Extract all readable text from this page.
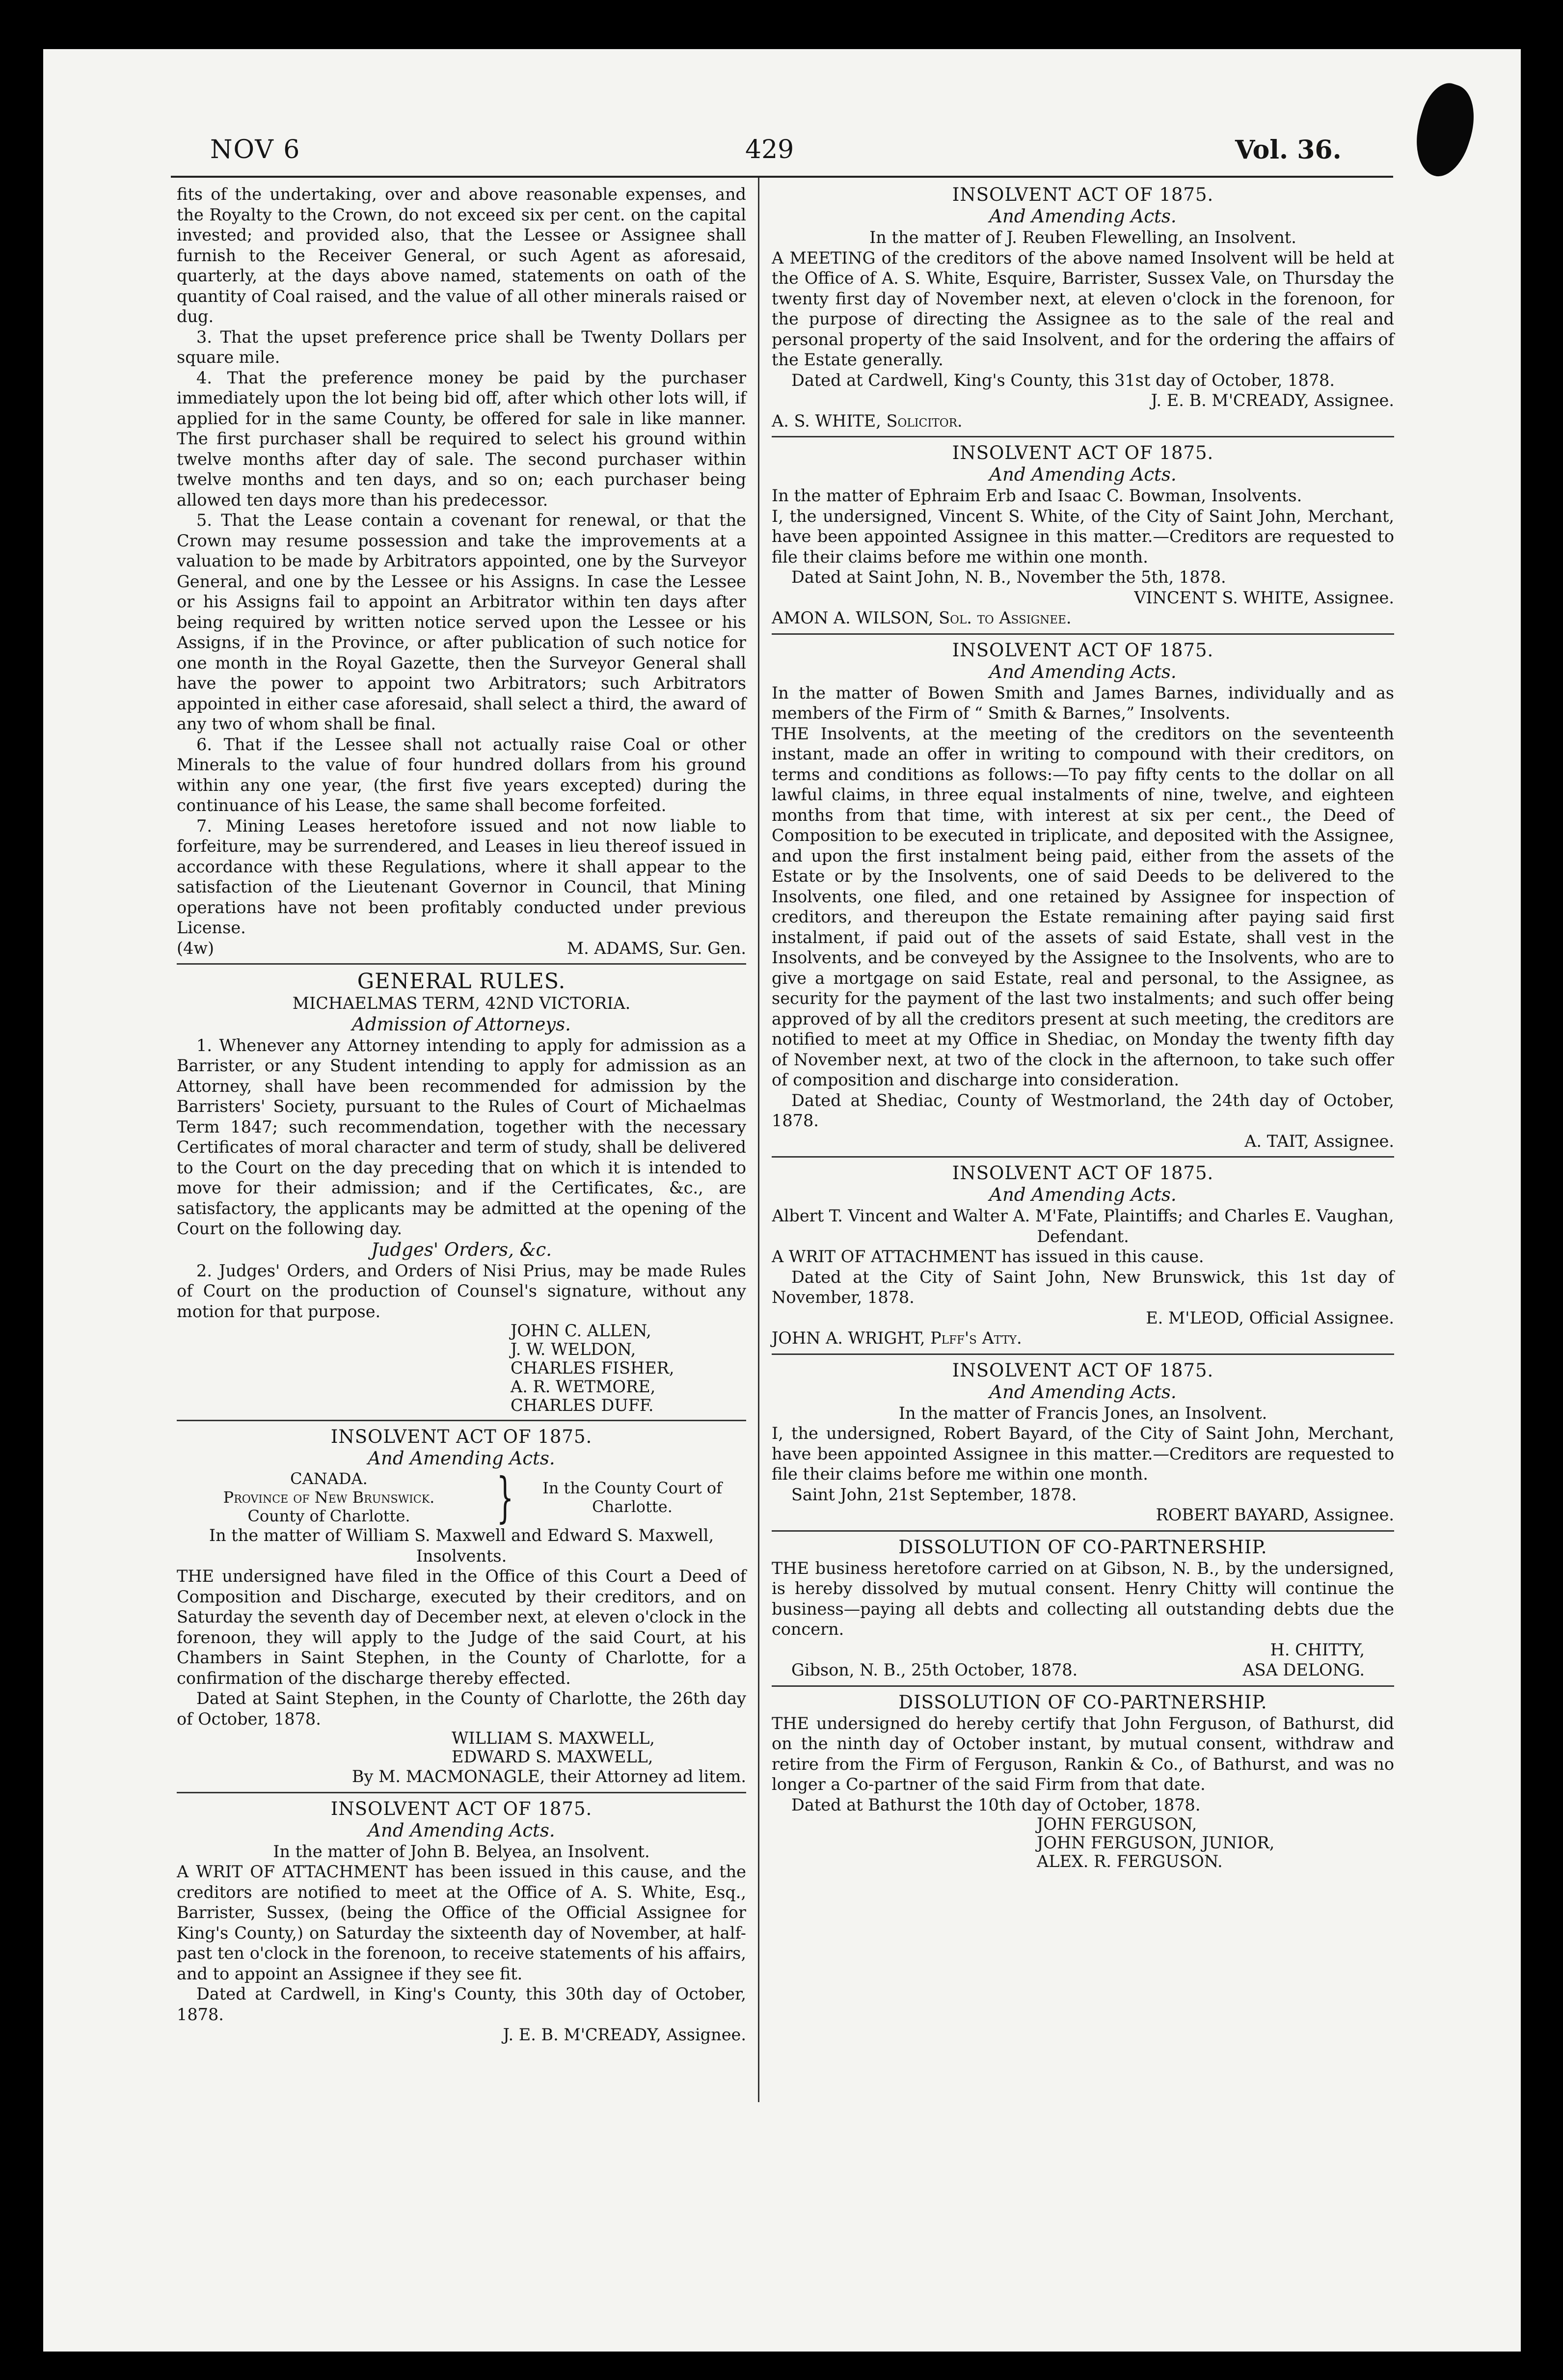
NOV 6	429	Vol. 36.

fits of the undertaking, over and above reasonable expenses, and the Royalty to the Crown, do not exceed six per cent. on the capital invested; and provided also, that the Lessee or Assignee shall furnish to the Receiver General, or such Agent as aforesaid, quarterly, at the days above named, statements on oath of the quantity of Coal raised, and the value of all other minerals raised or dug.

3. That the upset preference price shall be Twenty Dollars per square mile.

4. That the preference money be paid by the purchaser immediately upon the lot being bid off, after which other lots will, if applied for in the same County, be offered for sale in like manner. The first purchaser shall be required to select his ground within twelve months after day of sale. The second purchaser within twelve months and ten days, and so on; each purchaser being allowed ten days more than his predecessor.

5. That the Lease contain a covenant for renewal, or that the Crown may resume possession and take the improvements at a valuation to be made by Arbitrators appointed, one by the Surveyor General, and one by the Lessee or his Assigns. In case the Lessee or his Assigns fail to appoint an Arbitrator within ten days after being required by written notice served upon the Lessee or his Assigns, if in the Province, or after publication of such notice for one month in the Royal Gazette, then the Surveyor General shall have the power to appoint two Arbitrators; such Arbitrators appointed in either case aforesaid, shall select a third, the award of any two of whom shall be final.

6. That if the Lessee shall not actually raise Coal or other Minerals to the value of four hundred dollars from his ground within any one year, (the first five years excepted) during the continuance of his Lease, the same shall become forfeited.

7. Mining Leases heretofore issued and not now liable to forfeiture, may be surrendered, and Leases in lieu thereof issued in accordance with these Regulations, where it shall appear to the satisfaction of the Lieutenant Governor in Council, that Mining operations have not been profitably conducted under previous License.

(4w)	M. ADAMS, Sur. Gen.

GENERAL RULES.

MICHAELMAS TERM, 42ND VICTORIA.

Admission of Attorneys.

1. Whenever any Attorney intending to apply for admission as a Barrister, or any Student intending to apply for admission as an Attorney, shall have been recommended for admission by the Barristers' Society, pursuant to the Rules of Court of Michaelmas Term 1847; such recommendation, together with the necessary Certificates of moral character and term of study, shall be delivered to the Court on the day preceding that on which it is intended to move for their admission; and if the Certificates, &c., are satisfactory, the applicants may be admitted at the opening of the Court on the following day.

Judges' Orders, &c.

2. Judges' Orders, and Orders of Nisi Prius, may be made Rules of Court on the production of Counsel's signature, without any motion for that purpose.

JOHN C. ALLEN,
J. W. WELDON,
CHARLES FISHER,
A. R. WETMORE,
CHARLES DUFF.

INSOLVENT ACT OF 1875.

And Amending Acts.

CANADA.
Province of New Brunswick.
County of Charlotte.	}	In the County Court of
Charlotte.

In the matter of William S. Maxwell and Edward S. Maxwell, Insolvents.

THE undersigned have filed in the Office of this Court a Deed of Composition and Discharge, executed by their creditors, and on Saturday the seventh day of December next, at eleven o'clock in the forenoon, they will apply to the Judge of the said Court, at his Chambers in Saint Stephen, in the County of Charlotte, for a confirmation of the discharge thereby effected.

Dated at Saint Stephen, in the County of Charlotte, the 26th day of October, 1878.

WILLIAM S. MAXWELL,
EDWARD S. MAXWELL,

By M. MACMONAGLE, their Attorney ad litem.

INSOLVENT ACT OF 1875.

And Amending Acts.

In the matter of John B. Belyea, an Insolvent.

A WRIT OF ATTACHMENT has been issued in this cause, and the creditors are notified to meet at the Office of A. S. White, Esq., Barrister, Sussex, (being the Office of the Official Assignee for King's County,) on Saturday the sixteenth day of November, at half-past ten o'clock in the forenoon, to receive statements of his affairs, and to appoint an Assignee if they see fit.

Dated at Cardwell, in King's County, this 30th day of October, 1878.

J. E. B. M'CREADY, Assignee.

INSOLVENT ACT OF 1875.

And Amending Acts.

In the matter of J. Reuben Flewelling, an Insolvent.

A MEETING of the creditors of the above named Insolvent will be held at the Office of A. S. White, Esquire, Barrister, Sussex Vale, on Thursday the twenty first day of November next, at eleven o'clock in the forenoon, for the purpose of directing the Assignee as to the sale of the real and personal property of the said Insolvent, and for the ordering the affairs of the Estate generally.

Dated at Cardwell, King's County, this 31st day of October, 1878.

J. E. B. M'CREADY, Assignee.

A. S. WHITE, Solicitor.

INSOLVENT ACT OF 1875.

And Amending Acts.

In the matter of Ephraim Erb and Isaac C. Bowman, Insolvents.

I, the undersigned, Vincent S. White, of the City of Saint John, Merchant, have been appointed Assignee in this matter.—Creditors are requested to file their claims before me within one month.

Dated at Saint John, N. B., November the 5th, 1878.

VINCENT S. WHITE, Assignee.

AMON A. WILSON, Sol. to Assignee.

INSOLVENT ACT OF 1875.

And Amending Acts.

In the matter of Bowen Smith and James Barnes, individually and as members of the Firm of “ Smith & Barnes,” Insolvents.

THE Insolvents, at the meeting of the creditors on the seventeenth instant, made an offer in writing to compound with their creditors, on terms and conditions as follows:—To pay fifty cents to the dollar on all lawful claims, in three equal instalments of nine, twelve, and eighteen months from that time, with interest at six per cent., the Deed of Composition to be executed in triplicate, and deposited with the Assignee, and upon the first instalment being paid, either from the assets of the Estate or by the Insolvents, one of said Deeds to be delivered to the Insolvents, one filed, and one retained by Assignee for inspection of creditors, and thereupon the Estate remaining after paying said first instalment, if paid out of the assets of said Estate, shall vest in the Insolvents, and be conveyed by the Assignee to the Insolvents, who are to give a mortgage on said Estate, real and personal, to the Assignee, as security for the payment of the last two instalments; and such offer being approved of by all the creditors present at such meeting, the creditors are notified to meet at my Office in Shediac, on Monday the twenty fifth day of November next, at two of the clock in the afternoon, to take such offer of composition and discharge into consideration.

Dated at Shediac, County of Westmorland, the 24th day of October, 1878.

A. TAIT, Assignee.

INSOLVENT ACT OF 1875.

And Amending Acts.

Albert T. Vincent and Walter A. M'Fate, Plaintiffs; and Charles E. Vaughan, Defendant.

A WRIT OF ATTACHMENT has issued in this cause.

Dated at the City of Saint John, New Brunswick, this 1st day of November, 1878.

E. M'LEOD, Official Assignee.

JOHN A. WRIGHT, Plff's Atty.

INSOLVENT ACT OF 1875.

And Amending Acts.

In the matter of Francis Jones, an Insolvent.

I, the undersigned, Robert Bayard, of the City of Saint John, Merchant, have been appointed Assignee in this matter.—Creditors are requested to file their claims before me within one month.

Saint John, 21st September, 1878.

ROBERT BAYARD, Assignee.

DISSOLUTION OF CO-PARTNERSHIP.

THE business heretofore carried on at Gibson, N. B., by the undersigned, is hereby dissolved by mutual consent. Henry Chitty will continue the business—paying all debts and collecting all outstanding debts due the concern.

H. CHITTY,

Gibson, N. B., 25th October, 1878.	ASA DELONG.

DISSOLUTION OF CO-PARTNERSHIP.

THE undersigned do hereby certify that John Ferguson, of Bathurst, did on the ninth day of October instant, by mutual consent, withdraw and retire from the Firm of Ferguson, Rankin & Co., of Bathurst, and was no longer a Co-partner of the said Firm from that date.

Dated at Bathurst the 10th day of October, 1878.

JOHN FERGUSON,
JOHN FERGUSON, JUNIOR,
ALEX. R. FERGUSON.
